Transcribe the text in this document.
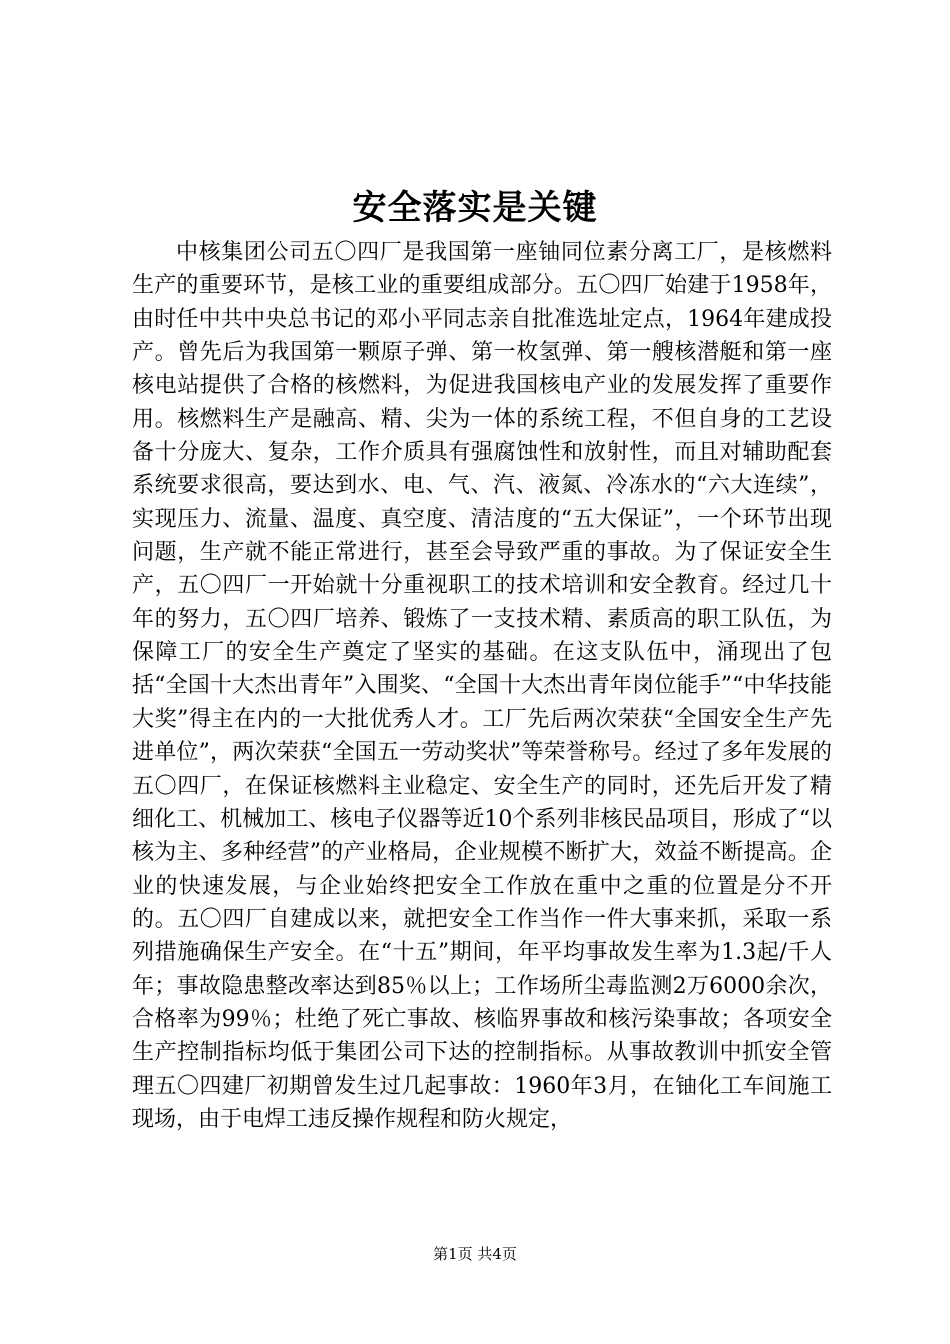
安全落实是关键

中核集团公司五〇四厂是我国第一座铀同位素分离工厂，是核燃料生产的重要环节，是核工业的重要组成部分。五〇四厂始建于1958年，由时任中共中央总书记的邓小平同志亲自批准选址定点，1964年建成投产。曾先后为我国第一颗原子弹、第一枚氢弹、第一艘核潜艇和第一座核电站提供了合格的核燃料，为促进我国核电产业的发展发挥了重要作用。核燃料生产是融高、精、尖为一体的系统工程，不但自身的工艺设备十分庞大、复杂，工作介质具有强腐蚀性和放射性，而且对辅助配套系统要求很高，要达到水、电、气、汽、液氮、冷冻水的“六大连续”，实现压力、流量、温度、真空度、清洁度的“五大保证”，一个环节出现问题，生产就不能正常进行，甚至会导致严重的事故。为了保证安全生产，五〇四厂一开始就十分重视职工的技术培训和安全教育。经过几十年的努力，五〇四厂培养、锻炼了一支技术精、素质高的职工队伍，为保障工厂的安全生产奠定了坚实的基础。在这支队伍中，涌现出了包括“全国十大杰出青年”入围奖、“全国十大杰出青年岗位能手”“中华技能大奖”得主在内的一大批优秀人才。工厂先后两次荣获“全国安全生产先进单位”，两次荣获“全国五一劳动奖状”等荣誉称号。经过了多年发展的五〇四厂，在保证核燃料主业稳定、安全生产的同时，还先后开发了精细化工、机械加工、核电子仪器等近10个系列非核民品项目，形成了“以核为主、多种经营”的产业格局，企业规模不断扩大，效益不断提高。企业的快速发展，与企业始终把安全工作放在重中之重的位置是分不开的。五〇四厂自建成以来，就把安全工作当作一件大事来抓，采取一系列措施确保生产安全。在“十五”期间，年平均事故发生率为1.3起/千人年；事故隐患整改率达到85％以上；工作场所尘毒监测2万6000余次，合格率为99％；杜绝了死亡事故、核临界事故和核污染事故；各项安全生产控制指标均低于集团公司下达的控制指标。从事故教训中抓安全管理五〇四建厂初期曾发生过几起事故：1960年3月，在铀化工车间施工现场，由于电焊工违反操作规程和防火规定，

第1页 共4页
